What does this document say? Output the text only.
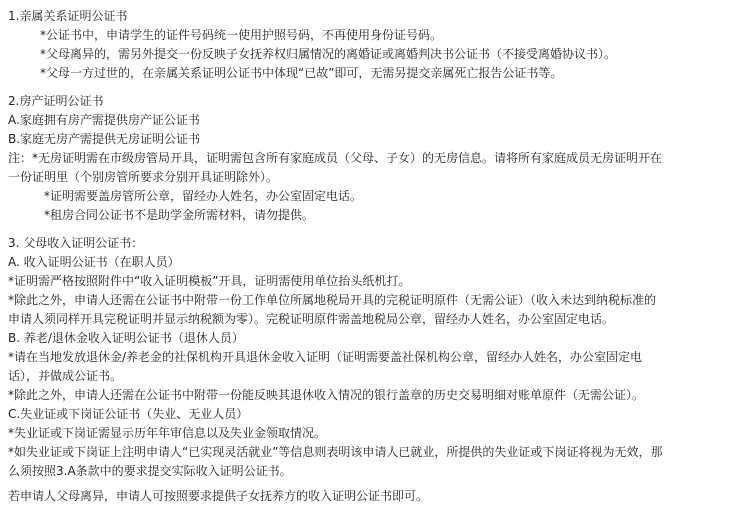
1.亲属关系证明公证书
*公证书中，申请学生的证件号码统一使用护照号码，不再使用身份证号码。
*父母离异的，需另外提交一份反映子女抚养权归属情况的离婚证或离婚判决书公证书（不接受离婚协议书）。
*父母一方过世的，在亲属关系证明公证书中体现“已故”即可，无需另提交亲属死亡报告公证书等。
2.房产证明公证书
A.家庭拥有房产需提供房产证公证书
B.家庭无房产需提供无房证明公证书
注：*无房证明需在市级房管局开具，证明需包含所有家庭成员（父母、子女）的无房信息。请将所有家庭成员无房证明开在
一份证明里（个别房管所要求分别开具证明除外）。
*证明需要盖房管所公章，留经办人姓名，办公室固定电话。
*租房合同公证书不是助学金所需材料，请勿提供。
3. 父母收入证明公证书：
A. 收入证明公证书（在职人员）
*证明需严格按照附件中“收入证明模板”开具，证明需使用单位抬头纸机打。
*除此之外，申请人还需在公证书中附带一份工作单位所属地税局开具的完税证明原件（无需公证）（收入未达到纳税标准的
申请人须同样开具完税证明并显示纳税额为零）。完税证明原件需盖地税局公章，留经办人姓名，办公室固定电话。
B. 养老/退休金收入证明公证书（退休人员）
*请在当地发放退休金/养老金的社保机构开具退休金收入证明（证明需要盖社保机构公章，留经办人姓名，办公室固定电
话），并做成公证书。
*除此之外，申请人还需在公证书中附带一份能反映其退休收入情况的银行盖章的历史交易明细对账单原件（无需公证）。
C.失业证或下岗证公证书（失业、无业人员）
*失业证或下岗证需显示历年年审信息以及失业金领取情况。
*如失业证或下岗证上注明申请人“已实现灵活就业”等信息则表明该申请人已就业，所提供的失业证或下岗证将视为无效，那
么须按照3.A条款中的要求提交实际收入证明公证书。
若申请人父母离异，申请人可按照要求提供子女抚养方的收入证明公证书即可。
